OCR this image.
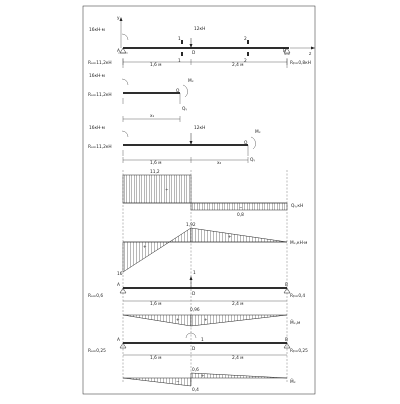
y
z
16кН·м	12кН
A	D	B
1
1
2
2
Rₐ=11,2кН	Rᵦ=0,8кН
1,6 м	2,4 м
16кН·м
Rₐ=11,2кН
Mₓ
O
Qᵧ
x₁
16кН·м	12кН
Rₐ=11,2кН
Mₓ
O
Qᵧ
1,6 м	x₂
11,2
+
0,8
−	Qᵧ,кН
1,92
16
+
+
Mₓ,кН·м
1
A
D
B
Rₐ=0,6	Rᵦ=0,4
1,6 м	2,4 м
0,96
+	+
M̄ₓ,м
1
A
D
B
Rₐ=0,25	Rᵦ=0,25
1,6 м	2,4 м
0,6
0,4
+
−	M̄ₓ
